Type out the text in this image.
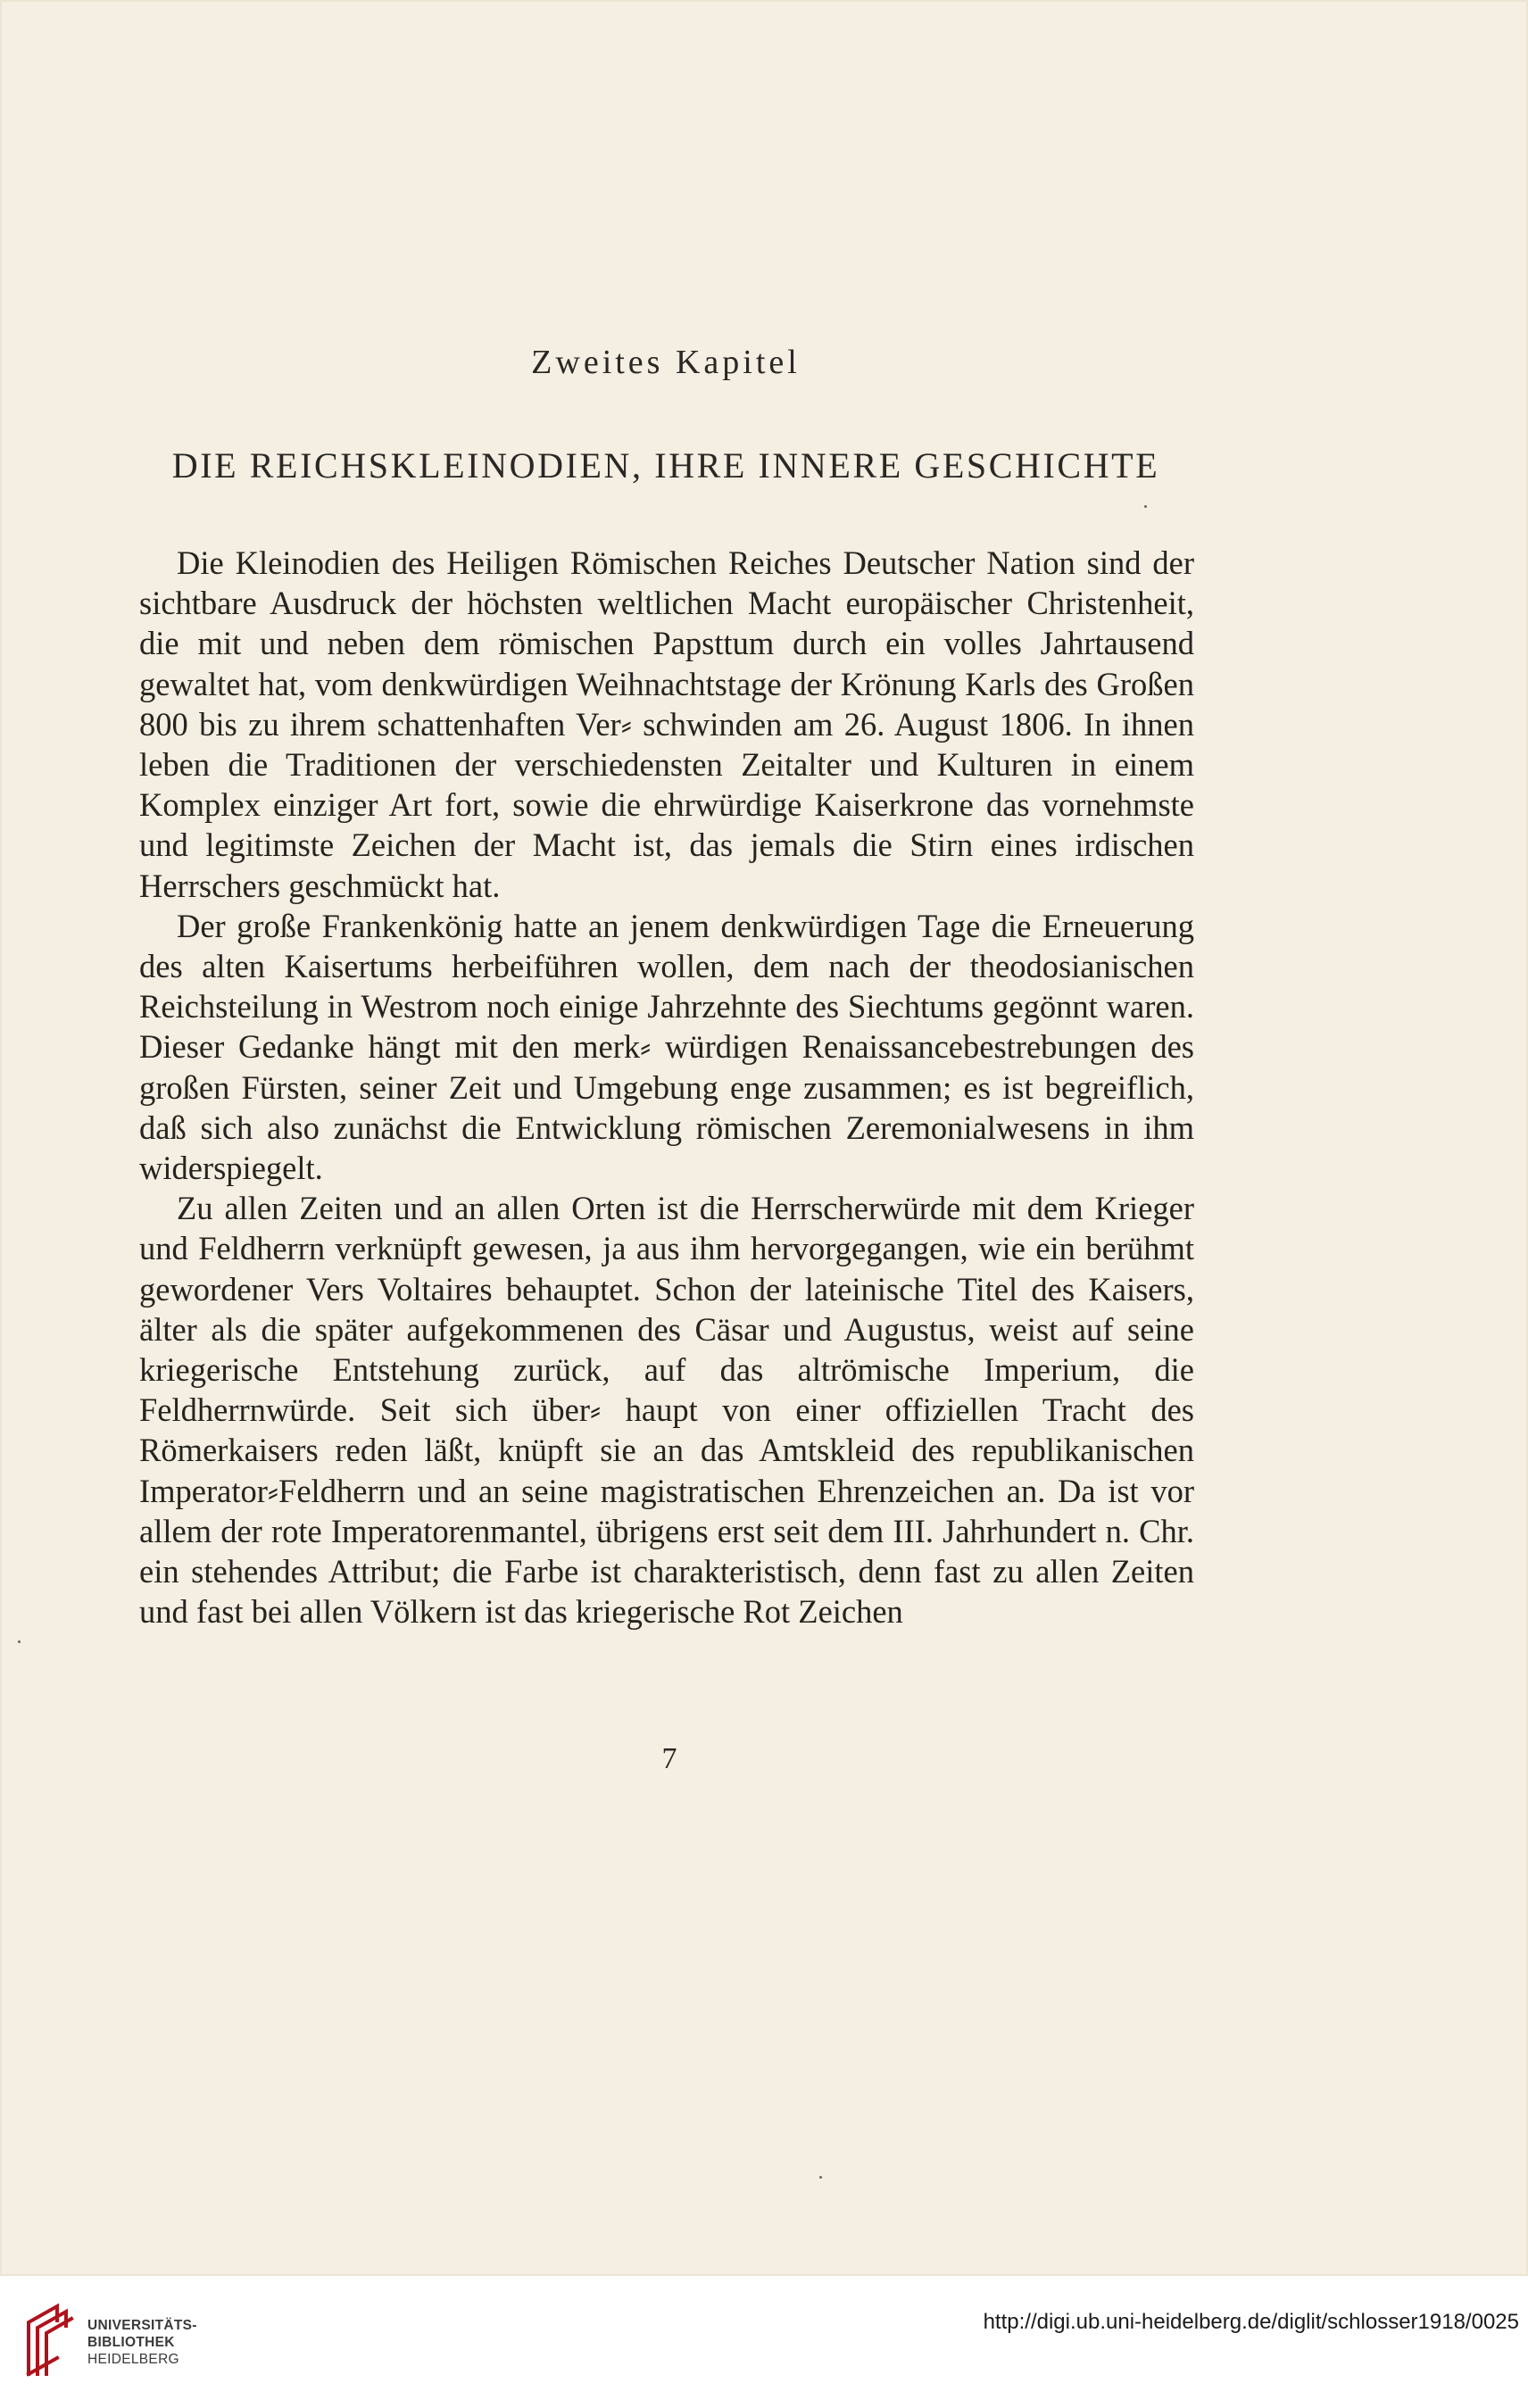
Zweites Kapitel
DIE REICHSKLEINODIEN, IHRE INNERE GESCHICHTE

Die Kleinodien des Heiligen Römischen Reiches Deutscher Nation sind der sichtbare Ausdruck der höchsten weltlichen Macht europäischer Christenheit, die mit und neben dem römischen Papsttum durch ein volles Jahrtausend gewaltet hat, vom denkwürdigen Weihnachtstage der Krönung Karls des Großen 800 bis zu ihrem schattenhaften Ver⸗ schwinden am 26. August 1806. In ihnen leben die Traditionen der verschiedensten Zeitalter und Kulturen in einem Komplex einziger Art fort, sowie die ehrwürdige Kaiserkrone das vornehmste und legitimste Zeichen der Macht ist, das jemals die Stirn eines irdischen Herrschers geschmückt hat.

Der große Frankenkönig hatte an jenem denkwürdigen Tage die Erneuerung des alten Kaisertums herbeiführen wollen, dem nach der theodosianischen Reichsteilung in Westrom noch einige Jahrzehnte des Siechtums gegönnt waren. Dieser Gedanke hängt mit den merk⸗ würdigen Renaissancebestrebungen des großen Fürsten, seiner Zeit und Umgebung enge zusammen; es ist begreiflich, daß sich also zunächst die Entwicklung römischen Zeremonialwesens in ihm widerspiegelt.

Zu allen Zeiten und an allen Orten ist die Herrscherwürde mit dem Krieger und Feldherrn verknüpft gewesen, ja aus ihm hervorgegangen, wie ein berühmt gewordener Vers Voltaires behauptet. Schon der lateinische Titel des Kaisers, älter als die später aufgekommenen des Cäsar und Augustus, weist auf seine kriegerische Entstehung zurück, auf das altrömische Imperium, die Feldherrnwürde. Seit sich über⸗ haupt von einer offiziellen Tracht des Römerkaisers reden läßt, knüpft sie an das Amtskleid des republikanischen Imperator⸗Feldherrn und an seine magistratischen Ehrenzeichen an. Da ist vor allem der rote Imperatorenmantel, übrigens erst seit dem III. Jahrhundert n. Chr. ein stehendes Attribut; die Farbe ist charakteristisch, denn fast zu allen Zeiten und fast bei allen Völkern ist das kriegerische Rot Zeichen

7
UNIVERSITÄTS-
BIBLIOTHEK
HEIDELBERG
http://digi.ub.uni-heidelberg.de/diglit/schlosser1918/0025
